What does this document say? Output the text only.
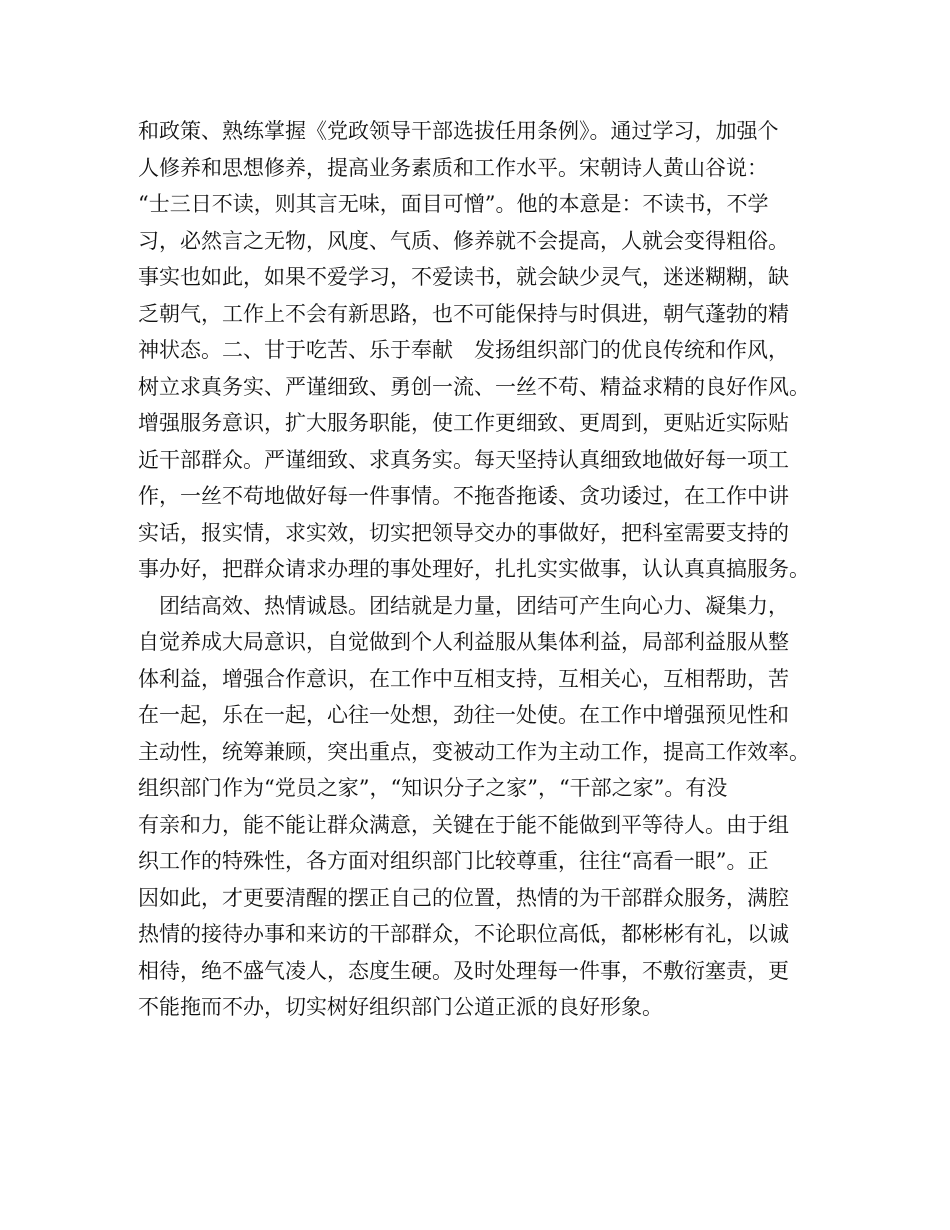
和政策、熟练掌握《党政领导干部选拔任用条例》。通过学习，加强个
人修养和思想修养，提高业务素质和工作水平。宋朝诗人黄山谷说：
“士三日不读，则其言无味，面目可憎”。他的本意是：不读书，不学
习，必然言之无物，风度、气质、修养就不会提高，人就会变得粗俗。
事实也如此，如果不爱学习，不爱读书，就会缺少灵气，迷迷糊糊，缺
乏朝气，工作上不会有新思路，也不可能保持与时俱进，朝气蓬勃的精
神状态。二、甘于吃苦、乐于奉献　发扬组织部门的优良传统和作风，
树立求真务实、严谨细致、勇创一流、一丝不苟、精益求精的良好作风。
增强服务意识，扩大服务职能，使工作更细致、更周到，更贴近实际贴
近干部群众。严谨细致、求真务实。每天坚持认真细致地做好每一项工
作，一丝不苟地做好每一件事情。不拖沓拖诿、贪功诿过，在工作中讲
实话，报实情，求实效，切实把领导交办的事做好，把科室需要支持的
事办好，把群众请求办理的事处理好，扎扎实实做事，认认真真搞服务。
　团结高效、热情诚恳。团结就是力量，团结可产生向心力、凝集力，
自觉养成大局意识，自觉做到个人利益服从集体利益，局部利益服从整
体利益，增强合作意识，在工作中互相支持，互相关心，互相帮助，苦
在一起，乐在一起，心往一处想，劲往一处使。在工作中增强预见性和
主动性，统筹兼顾，突出重点，变被动工作为主动工作，提高工作效率。
组织部门作为“党员之家”，“知识分子之家”，“干部之家”。有没
有亲和力，能不能让群众满意，关键在于能不能做到平等待人。由于组
织工作的特殊性，各方面对组织部门比较尊重，往往“高看一眼”。正
因如此，才更要清醒的摆正自己的位置，热情的为干部群众服务，满腔
热情的接待办事和来访的干部群众，不论职位高低，都彬彬有礼，以诚
相待，绝不盛气凌人，态度生硬。及时处理每一件事，不敷衍塞责，更
不能拖而不办，切实树好组织部门公道正派的良好形象。
